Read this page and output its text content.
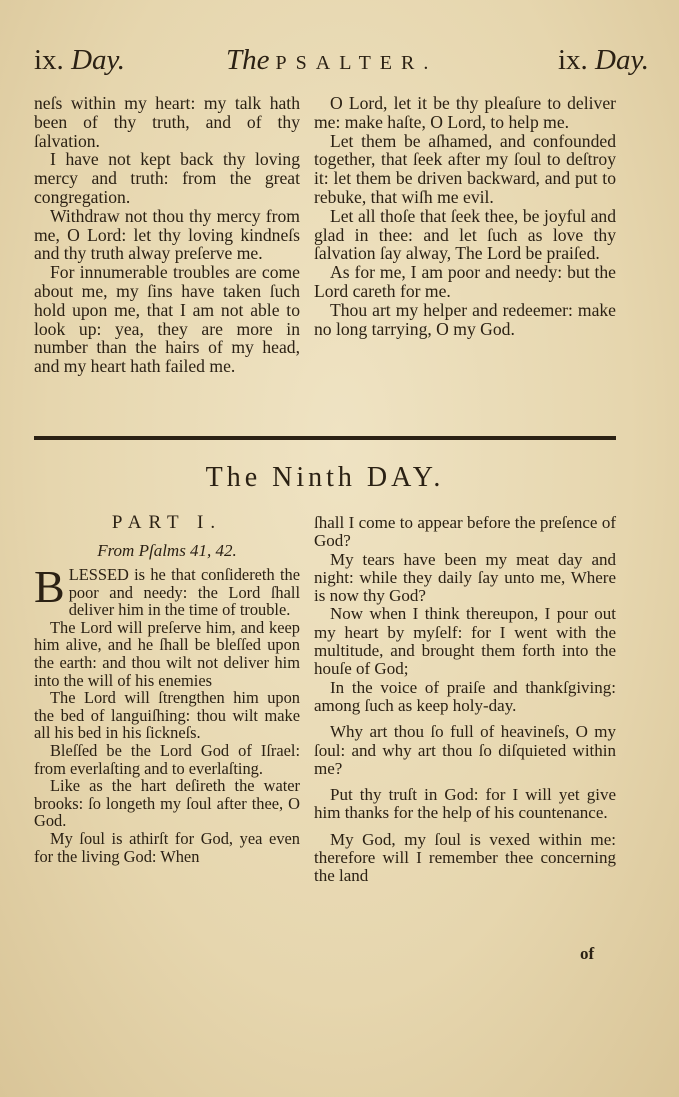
ix. Day.	The PSALTER.	ix. Day.

neſs within my heart: my talk hath been of thy truth, and of thy ſalvation.

I have not kept back thy loving mercy and truth: from the great congregation.

Withdraw not thou thy mercy from me, O Lord: let thy loving kindneſs and thy truth alway preſerve me.

For innumerable troubles are come about me, my ſins have taken ſuch hold upon me, that I am not able to look up: yea, they are more in number than the hairs of my head, and my heart hath failed me.

O Lord, let it be thy pleaſure to deliver me: make haſte, O Lord, to help me.

Let them be aſhamed, and confounded together, that ſeek after my ſoul to deſtroy it: let them be driven backward, and put to rebuke, that wiſh me evil.

Let all thoſe that ſeek thee, be joyful and glad in thee: and let ſuch as love thy ſalvation ſay alway, The Lord be praiſed.

As for me, I am poor and needy: but the Lord careth for me.

Thou art my helper and redeemer: make no long tarrying, O my God.

The Ninth DAY.
PART I.
From Pſalms 41, 42.

BLESSED is he that conſidereth the poor and needy: the Lord ſhall deliver him in the time of trouble.

The Lord will preſerve him, and keep him alive, and he ſhall be bleſſed upon the earth: and thou wilt not deliver him into the will of his enemies

The Lord will ſtrengthen him upon the bed of languiſhing: thou wilt make all his bed in his ſickneſs.

Bleſſed be the Lord God of Iſrael: from everlaſting and to everlaſting.

Like as the hart deſireth the water brooks: ſo longeth my ſoul after thee, O God.

My ſoul is athirſt for God, yea even for the living God: When

ſhall I come to appear before the preſence of God?

My tears have been my meat day and night: while they daily ſay unto me, Where is now thy God?

Now when I think thereupon, I pour out my heart by myſelf: for I went with the multitude, and brought them forth into the houſe of God;

In the voice of praiſe and thankſgiving: among ſuch as keep holy-day.

Why art thou ſo full of heavineſs, O my ſoul: and why art thou ſo diſquieted within me?

Put thy truſt in God: for I will yet give him thanks for the help of his countenance.

My God, my ſoul is vexed within me: therefore will I remember thee concerning the land

of
